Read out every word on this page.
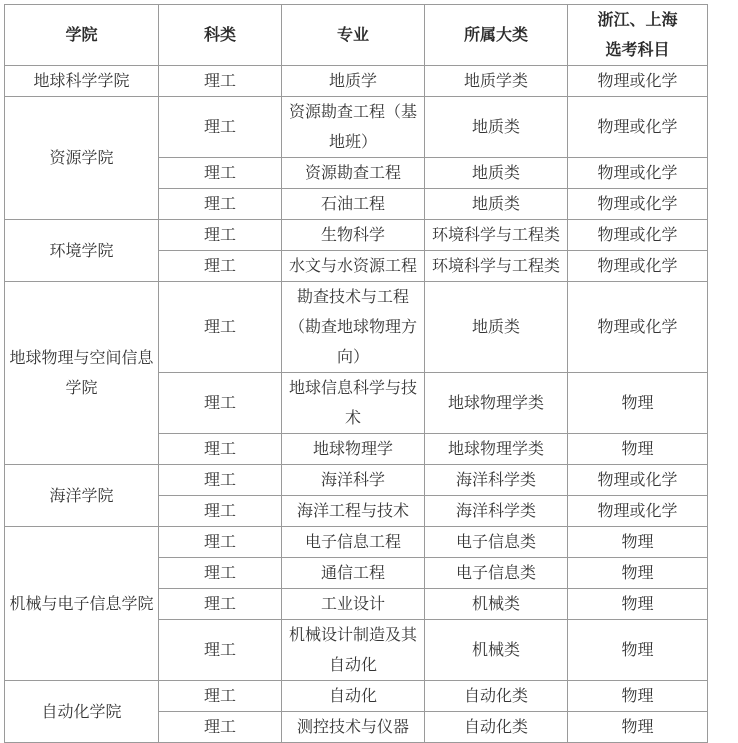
学院	科类	专业	所属大类	浙江、上海
选考科目
地球科学学院	理工	地质学	地质学类	物理或化学
资源学院	理工	资源勘查工程（基地班）	地质类	物理或化学
	理工	资源勘查工程	地质类	物理或化学
	理工	石油工程	地质类	物理或化学
环境学院	理工	生物科学	环境科学与工程类	物理或化学
	理工	水文与水资源工程	环境科学与工程类	物理或化学
地球物理与空间信息学院	理工	勘查技术与工程（勘查地球物理方向）	地质类	物理或化学
	理工	地球信息科学与技术	地球物理学类	物理
	理工	地球物理学	地球物理学类	物理
海洋学院	理工	海洋科学	海洋科学类	物理或化学
	理工	海洋工程与技术	海洋科学类	物理或化学
机械与电子信息学院	理工	电子信息工程	电子信息类	物理
	理工	通信工程	电子信息类	物理
	理工	工业设计	机械类	物理
	理工	机械设计制造及其自动化	机械类	物理
自动化学院	理工	自动化	自动化类	物理
	理工	测控技术与仪器	自动化类	物理
